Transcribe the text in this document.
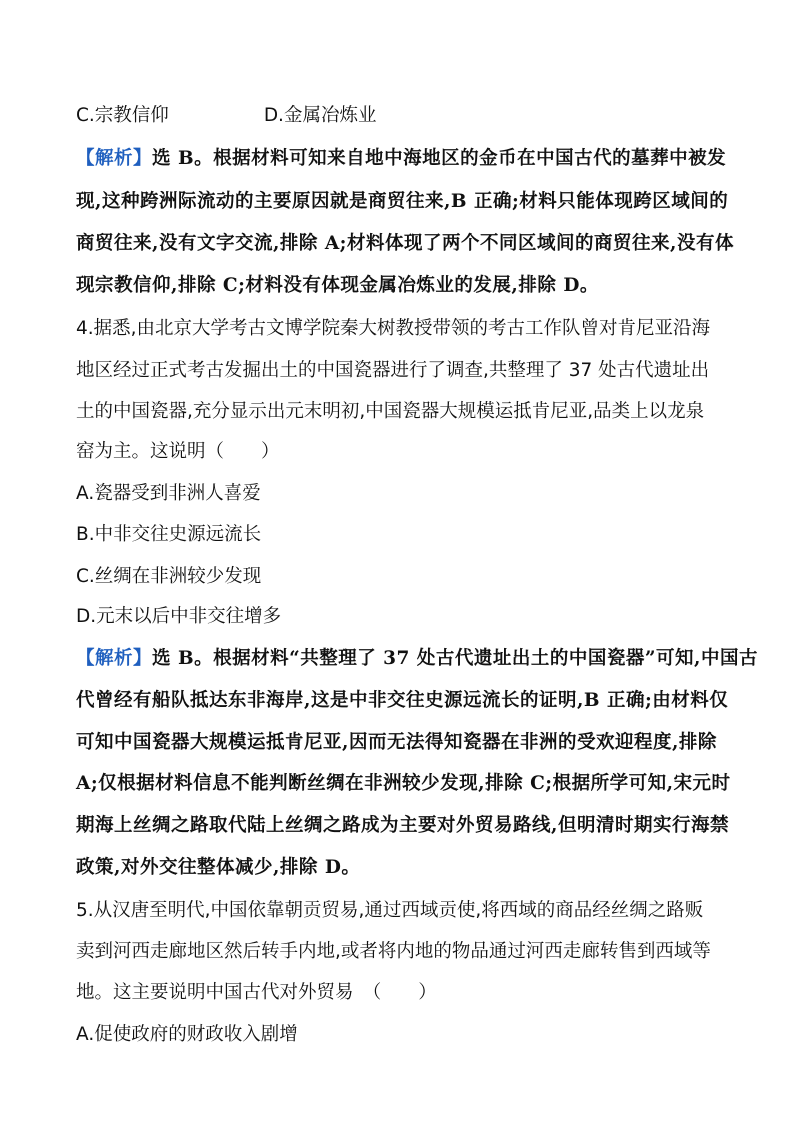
C.宗教信仰	D.金属冶炼业
【解析】选 B。根据材料可知来自地中海地区的金币在中国古代的墓葬中被发
现,这种跨洲际流动的主要原因就是商贸往来,B 正确;材料只能体现跨区域间的
商贸往来,没有文字交流,排除 A;材料体现了两个不同区域间的商贸往来,没有体
现宗教信仰,排除 C;材料没有体现金属冶炼业的发展,排除 D。
4.据悉,由北京大学考古文博学院秦大树教授带领的考古工作队曾对肯尼亚沿海
地区经过正式考古发掘出土的中国瓷器进行了调查,共整理了 37 处古代遗址出
土的中国瓷器,充分显示出元末明初,中国瓷器大规模运抵肯尼亚,品类上以龙泉
窑为主。这说明（　　）
A.瓷器受到非洲人喜爱
B.中非交往史源远流长
C.丝绸在非洲较少发现
D.元末以后中非交往增多
【解析】选 B。根据材料“共整理了 37 处古代遗址出土的中国瓷器”可知,中国古
代曾经有船队抵达东非海岸,这是中非交往史源远流长的证明,B 正确;由材料仅
可知中国瓷器大规模运抵肯尼亚,因而无法得知瓷器在非洲的受欢迎程度,排除
A;仅根据材料信息不能判断丝绸在非洲较少发现,排除 C;根据所学可知,宋元时
期海上丝绸之路取代陆上丝绸之路成为主要对外贸易路线,但明清时期实行海禁
政策,对外交往整体减少,排除 D。
5.从汉唐至明代,中国依靠朝贡贸易,通过西域贡使,将西域的商品经丝绸之路贩
卖到河西走廊地区然后转手内地,或者将内地的物品通过河西走廊转售到西域等
地。这主要说明中国古代对外贸易　（　　）
A.促使政府的财政收入剧增
